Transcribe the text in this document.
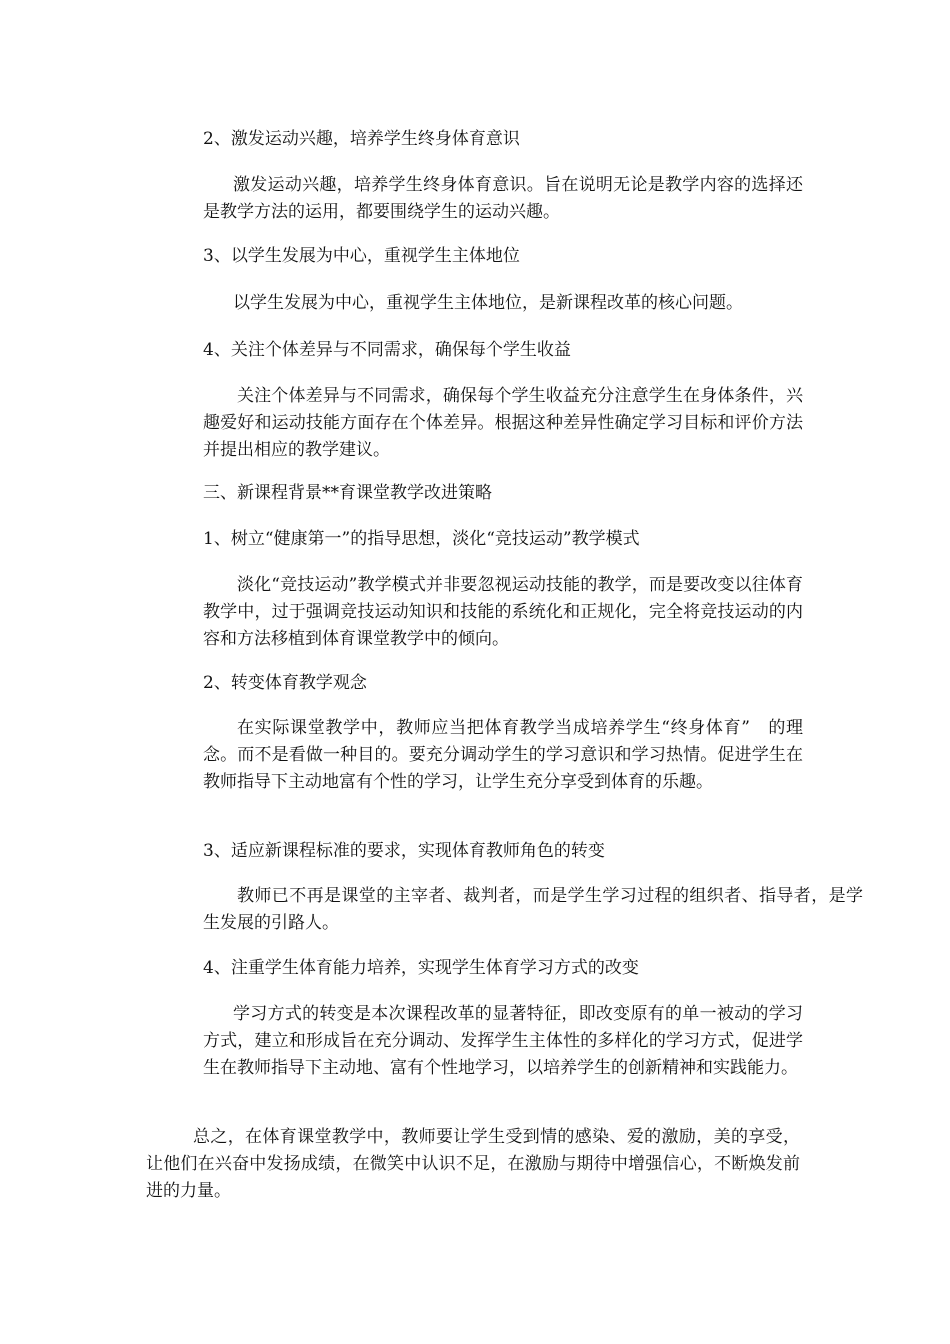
2、激发运动兴趣，培养学生终身体育意识

激发运动兴趣，培养学生终身体育意识。旨在说明无论是教学内容的选择还是教学方法的运用，都要围绕学生的运动兴趣。

3、以学生发展为中心，重视学生主体地位

以学生发展为中心，重视学生主体地位，是新课程改革的核心问题。

4、关注个体差异与不同需求，确保每个学生收益

关注个体差异与不同需求，确保每个学生收益充分注意学生在身体条件，兴趣爱好和运动技能方面存在个体差异。根据这种差异性确定学习目标和评价方法并提出相应的教学建议。

三、新课程背景**育课堂教学改进策略

1、树立“健康第一”的指导思想，淡化“竞技运动”教学模式

淡化“竞技运动”教学模式并非要忽视运动技能的教学，而是要改变以往体育教学中，过于强调竞技运动知识和技能的系统化和正规化，完全将竞技运动的内容和方法移植到体育课堂教学中的倾向。

2、转变体育教学观念

在实际课堂教学中，教师应当把体育教学当成培养学生“终身体育”　的理念。而不是看做一种目的。要充分调动学生的学习意识和学习热情。促进学生在教师指导下主动地富有个性的学习，让学生充分享受到体育的乐趣。

3、适应新课程标准的要求，实现体育教师角色的转变

教师已不再是课堂的主宰者、裁判者，而是学生学习过程的组织者、指导者，是学生发展的引路人。

4、注重学生体育能力培养，实现学生体育学习方式的改变

学习方式的转变是本次课程改革的显著特征，即改变原有的单一被动的学习方式，建立和形成旨在充分调动、发挥学生主体性的多样化的学习方式，促进学生在教师指导下主动地、富有个性地学习，以培养学生的创新精神和实践能力。

总之，在体育课堂教学中，教师要让学生受到情的感染、爱的激励，美的享受，让他们在兴奋中发扬成绩，在微笑中认识不足，在激励与期待中增强信心，不断焕发前进的力量。
